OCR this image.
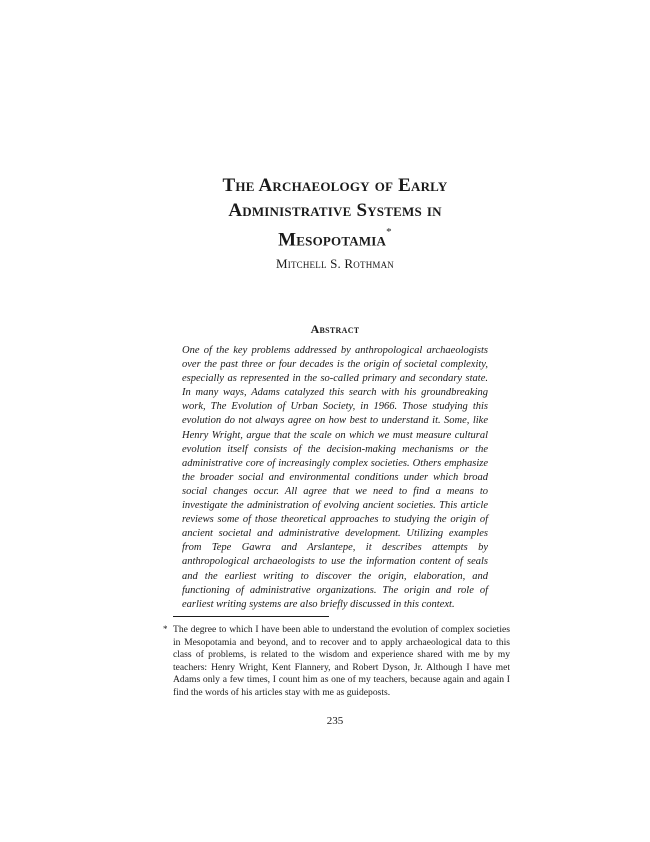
The Archaeology of Early
Administrative Systems in
Mesopotamia*
Mitchell S. Rothman
Abstract
One of the key problems addressed by anthropological archaeologists over the past three or four decades is the origin of societal complexity, especially as represented in the so-called primary and secondary state. In many ways, Adams catalyzed this search with his groundbreaking work, The Evolution of Urban Society, in 1966. Those studying this evolution do not always agree on how best to understand it. Some, like Henry Wright, argue that the scale on which we must measure cultural evolution itself consists of the decision-making mechanisms or the administrative core of increasingly complex societies. Others emphasize the broader social and environmental conditions under which broad social changes occur. All agree that we need to find a means to investigate the administration of evolving ancient societies. This article reviews some of those theoretical approaches to studying the origin of ancient societal and administrative development. Utilizing examples from Tepe Gawra and Arslantepe, it describes attempts by anthropological archaeologists to use the information content of seals and the earliest writing to discover the origin, elaboration, and functioning of administrative organizations. The origin and role of earliest writing systems are also briefly discussed in this context.
* The degree to which I have been able to understand the evolution of complex societies in Mesopotamia and beyond, and to recover and to apply archaeological data to this class of problems, is related to the wisdom and experience shared with me by my teachers: Henry Wright, Kent Flannery, and Robert Dyson, Jr. Although I have met Adams only a few times, I count him as one of my teachers, because again and again I find the words of his articles stay with me as guideposts.
235
